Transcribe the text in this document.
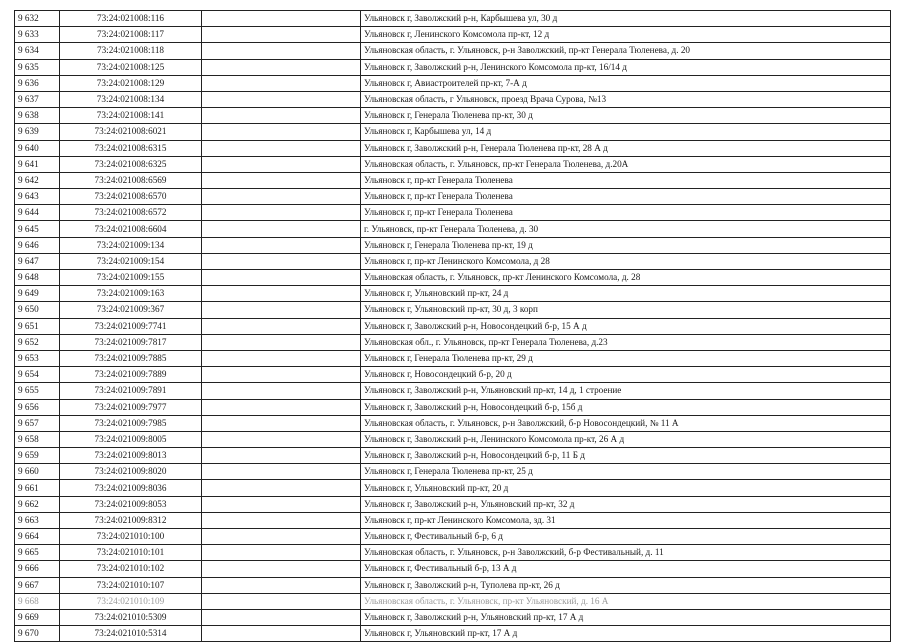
9 632	73:24:021008:116		Ульяновск г, Заволжский р-н, Карбышева ул, 30 д
9 633	73:24:021008:117		Ульяновск г, Ленинского Комсомола пр-кт, 12 д
9 634	73:24:021008:118		Ульяновская область, г. Ульяновск, р-н Заволжский, пр-кт Генерала Тюленева, д. 20
9 635	73:24:021008:125		Ульяновск г, Заволжский р-н, Ленинского Комсомола пр-кт, 16/14 д
9 636	73:24:021008:129		Ульяновск г, Авиастроителей пр-кт, 7-А д
9 637	73:24:021008:134		Ульяновская область, г Ульяновск, проезд Врача Сурова, №13
9 638	73:24:021008:141		Ульяновск г, Генерала Тюленева пр-кт, 30 д
9 639	73:24:021008:6021		Ульяновск г, Карбышева ул, 14 д
9 640	73:24:021008:6315		Ульяновск г, Заволжский р-н, Генерала Тюленева пр-кт, 28 А д
9 641	73:24:021008:6325		Ульяновская область, г. Ульяновск, пр-кт Генерала Тюленева, д.20А
9 642	73:24:021008:6569		Ульяновск г, пр-кт Генерала Тюленева
9 643	73:24:021008:6570		Ульяновск г, пр-кт Генерала Тюленева
9 644	73:24:021008:6572		Ульяновск г, пр-кт Генерала Тюленева
9 645	73:24:021008:6604		г. Ульяновск, пр-кт Генерала Тюленева, д. 30
9 646	73:24:021009:134		Ульяновск г, Генерала Тюленева пр-кт, 19 д
9 647	73:24:021009:154		Ульяновск г, пр-кт Ленинского Комсомола, д 28
9 648	73:24:021009:155		Ульяновская область, г. Ульяновск, пр-кт Ленинского Комсомола, д. 28
9 649	73:24:021009:163		Ульяновск г, Ульяновский пр-кт, 24 д
9 650	73:24:021009:367		Ульяновск г, Ульяновский пр-кт, 30 д, 3 корп
9 651	73:24:021009:7741		Ульяновск г, Заволжский р-н, Новосондецкий б-р, 15 А д
9 652	73:24:021009:7817		Ульяновская обл., г. Ульяновск, пр-кт Генерала Тюленева, д.23
9 653	73:24:021009:7885		Ульяновск г, Генерала Тюленева пр-кт, 29 д
9 654	73:24:021009:7889		Ульяновск г, Новосондецкий б-р, 20 д
9 655	73:24:021009:7891		Ульяновск г, Заволжский р-н, Ульяновский пр-кт, 14 д, 1 строение
9 656	73:24:021009:7977		Ульяновск г, Заволжский р-н, Новосондецкий б-р, 15б д
9 657	73:24:021009:7985		Ульяновская область, г. Ульяновск, р-н Заволжский, б-р Новосондецкий, № 11 А
9 658	73:24:021009:8005		Ульяновск г, Заволжский р-н, Ленинского Комсомола пр-кт, 26 А д
9 659	73:24:021009:8013		Ульяновск г, Заволжский р-н, Новосондецкий б-р, 11 Б д
9 660	73:24:021009:8020		Ульяновск г, Генерала Тюленева пр-кт, 25 д
9 661	73:24:021009:8036		Ульяновск г, Ульяновский пр-кт, 20 д
9 662	73:24:021009:8053		Ульяновск г, Заволжский р-н, Ульяновский пр-кт, 32 д
9 663	73:24:021009:8312		Ульяновск г, пр-кт Ленинского Комсомола, зд. 31
9 664	73:24:021010:100		Ульяновск г, Фестивальный б-р, 6 д
9 665	73:24:021010:101		Ульяновская область, г. Ульяновск, р-н Заволжский, б-р Фестивальный, д. 11
9 666	73:24:021010:102		Ульяновск г, Фестивальный б-р, 13 А д
9 667	73:24:021010:107		Ульяновск г, Заволжский р-н, Туполева пр-кт, 26 д
9 668	73:24:021010:109		Ульяновская область, г. Ульяновск, пр-кт Ульяновский, д. 16 А
9 669	73:24:021010:5309		Ульяновск г, Заволжский р-н, Ульяновский пр-кт, 17 А д
9 670	73:24:021010:5314		Ульяновск г, Ульяновский пр-кт, 17 А д
